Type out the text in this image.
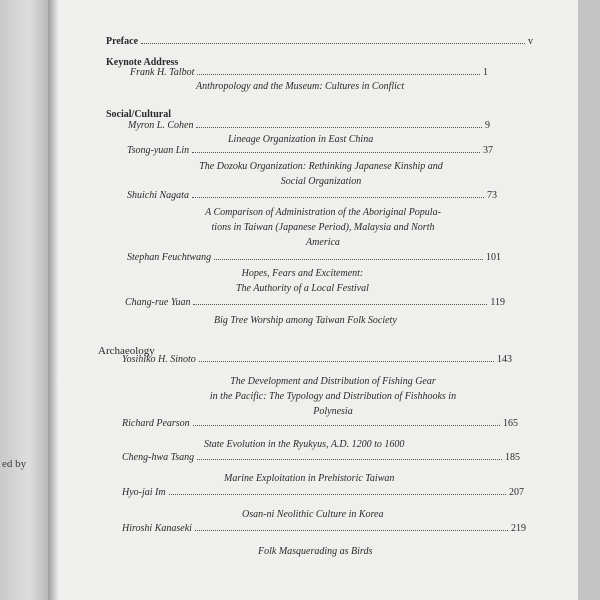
ed by
Preface	v
Keynote Address
Frank H. Talbot	1
Anthropology and the Museum: Cultures in Conflict
Social/Cultural
Myron L. Cohen	9
Lineage Organization in East China
Tsong-yuan Lin	37
The Dozoku Organization: Rethinking Japanese Kinship and
Social Organization
Shuichi Nagata	73
A Comparison of Administration of the Aboriginal Popula-
tions in Taiwan (Japanese Period), Malaysia and North
America
Stephan Feuchtwang	101
Hopes, Fears and Excitement:
The Authority of a Local Festival
Chang-rue Yuan	119
Big Tree Worship among Taiwan Folk Society
Archaeology
Yosihiko H. Sinoto	143
The Development and Distribution of Fishing Gear
in the Pacific: The Typology and Distribution of Fishhooks in
Polynesia
Richard Pearson	165
State Evolution in the Ryukyus, A.D. 1200 to 1600
Cheng-hwa Tsang	185
Marine Exploitation in Prehistoric Taiwan
Hyo-jai Im	207
Osan-ni Neolithic Culture in Korea
Hiroshi Kanaseki	219
Folk Masquerading as Birds
